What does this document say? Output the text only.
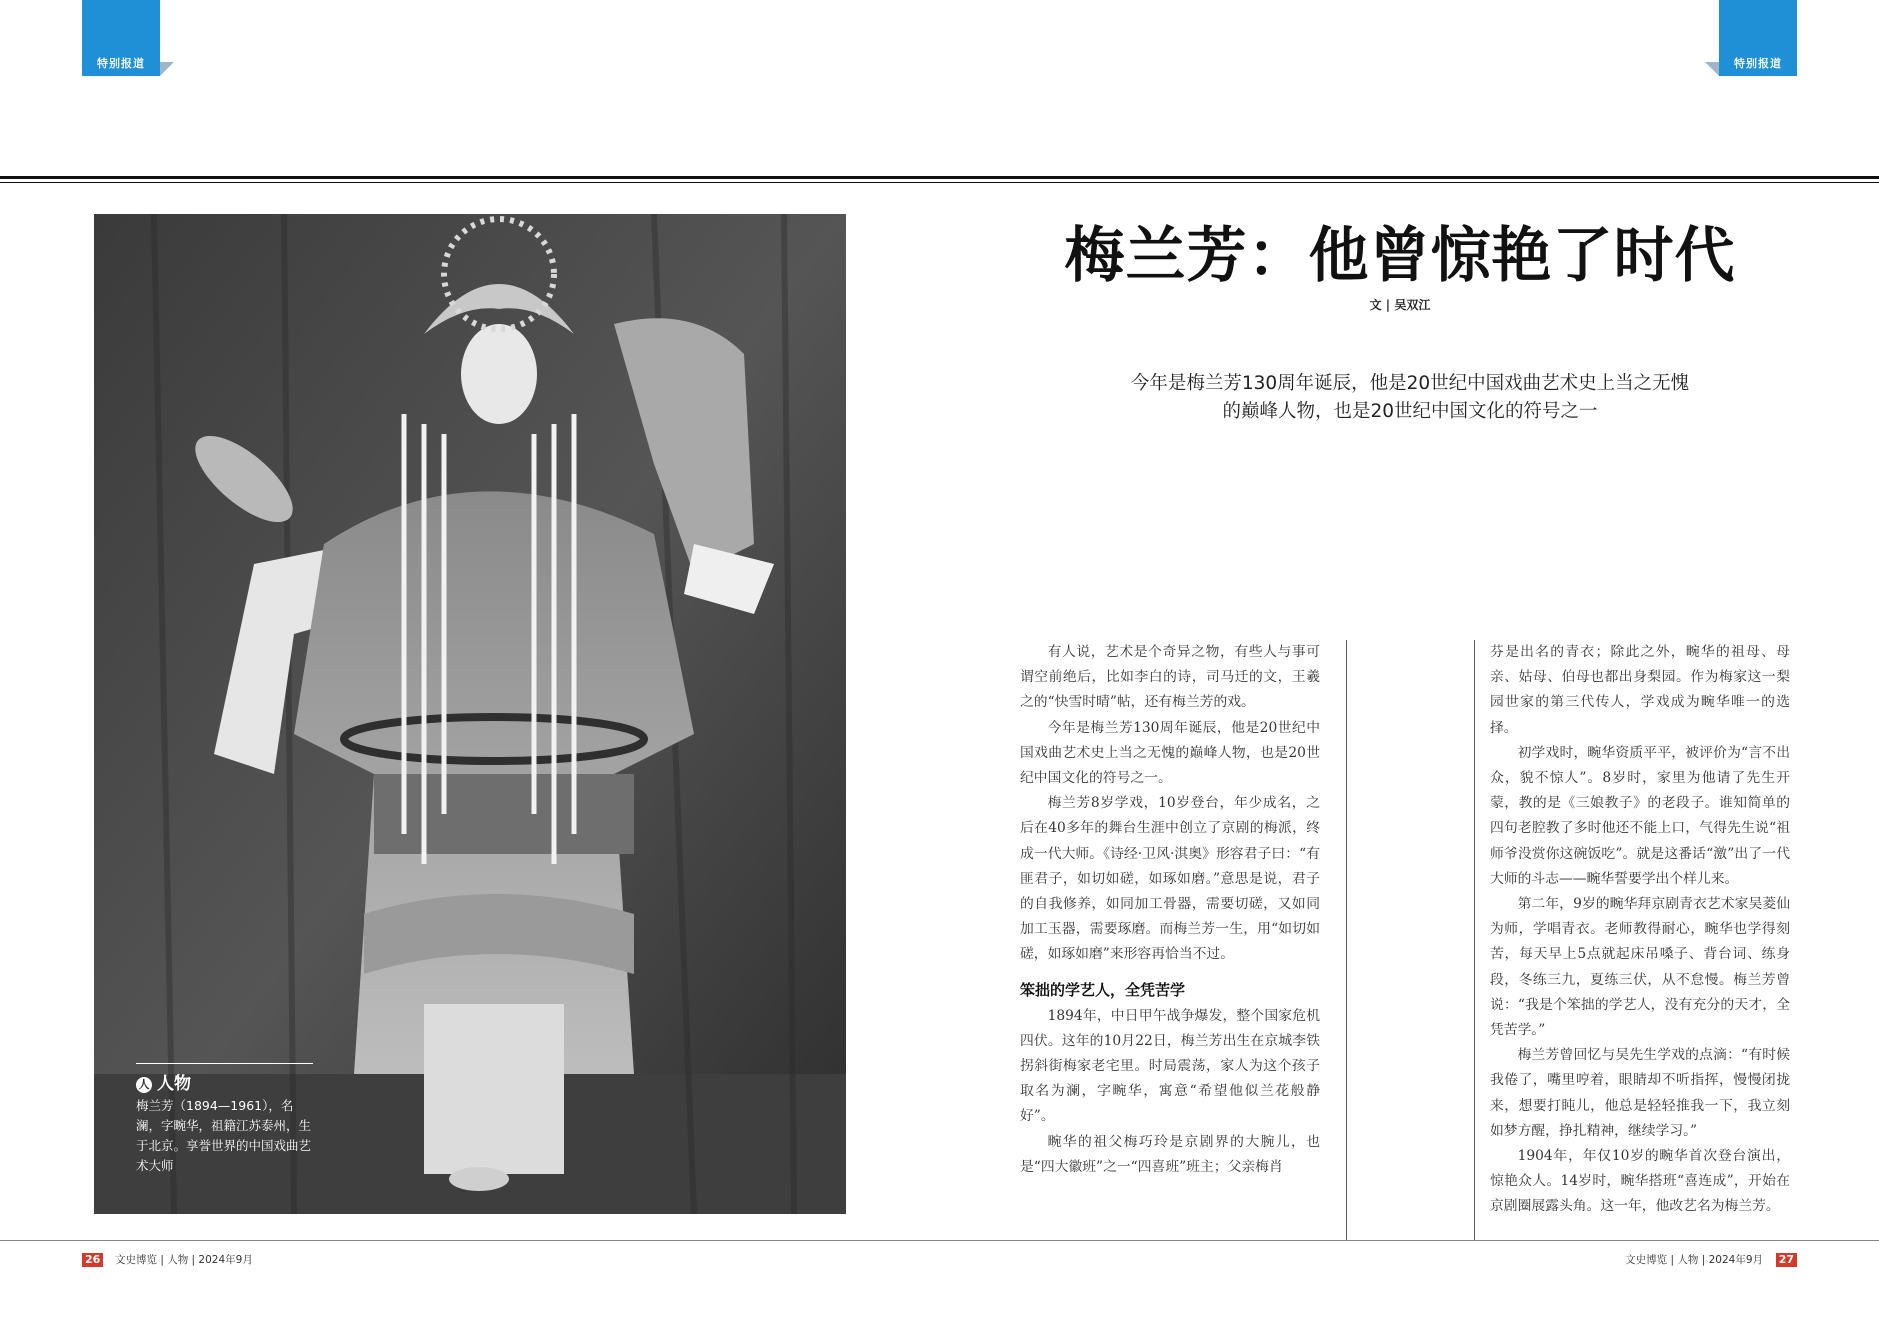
特别报道	特别报道
人 人物
梅兰芳（1894—1961），名澜，字畹华，祖籍江苏泰州，生于北京。享誉世界的中国戏曲艺术大师
梅兰芳：他曾惊艳了时代
文 | 吴双江
今年是梅兰芳130周年诞辰，他是20世纪中国戏曲艺术史上当之无愧
的巅峰人物，也是20世纪中国文化的符号之一

有人说，艺术是个奇异之物，有些人与事可谓空前绝后，比如李白的诗，司马迁的文，王羲之的“快雪时晴”帖，还有梅兰芳的戏。

今年是梅兰芳130周年诞辰，他是20世纪中国戏曲艺术史上当之无愧的巅峰人物，也是20世纪中国文化的符号之一。

梅兰芳8岁学戏，10岁登台，年少成名，之后在40多年的舞台生涯中创立了京剧的梅派，终成一代大师。《诗经·卫风·淇奥》形容君子曰：“有匪君子，如切如磋，如琢如磨。”意思是说，君子的自我修养，如同加工骨器，需要切磋，又如同加工玉器，需要琢磨。而梅兰芳一生，用“如切如磋，如琢如磨”来形容再恰当不过。

笨拙的学艺人，全凭苦学

1894年，中日甲午战争爆发，整个国家危机四伏。这年的10月22日，梅兰芳出生在京城李铁拐斜街梅家老宅里。时局震荡，家人为这个孩子取名为澜，字畹华，寓意“希望他似兰花般静好”。

畹华的祖父梅巧玲是京剧界的大腕儿，也是“四大徽班”之一“四喜班”班主；父亲梅肖

芬是出名的青衣；除此之外，畹华的祖母、母亲、姑母、伯母也都出身梨园。作为梅家这一梨园世家的第三代传人，学戏成为畹华唯一的选择。

初学戏时，畹华资质平平，被评价为“言不出众，貌不惊人”。8岁时，家里为他请了先生开蒙，教的是《三娘教子》的老段子。谁知简单的四句老腔教了多时他还不能上口，气得先生说“祖师爷没赏你这碗饭吃”。就是这番话“激”出了一代大师的斗志——畹华誓要学出个样儿来。

第二年，9岁的畹华拜京剧青衣艺术家吴菱仙为师，学唱青衣。老师教得耐心，畹华也学得刻苦，每天早上5点就起床吊嗓子、背台词、练身段，冬练三九，夏练三伏，从不怠慢。梅兰芳曾说：“我是个笨拙的学艺人，没有充分的天才，全凭苦学。”

梅兰芳曾回忆与吴先生学戏的点滴：“有时候我倦了，嘴里哼着，眼睛却不听指挥，慢慢闭拢来，想要打盹儿，他总是轻轻推我一下，我立刻如梦方醒，挣扎精神，继续学习。”

1904年，年仅10岁的畹华首次登台演出，惊艳众人。14岁时，畹华搭班“喜连成”，开始在京剧圈展露头角。这一年，他改艺名为梅兰芳。

26 文史博览 | 人物 | 2024年9月	文史博览 | 人物 | 2024年9月 27
